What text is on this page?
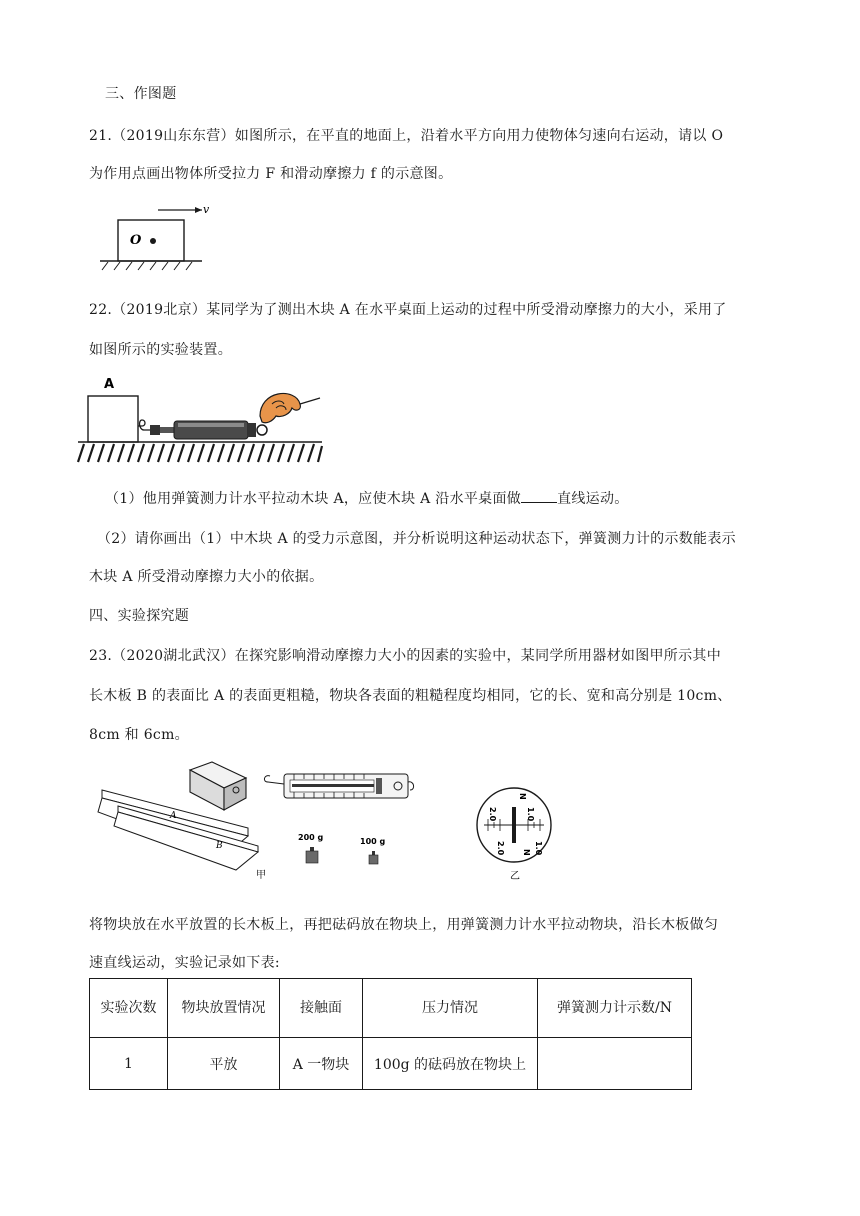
三、作图题
21.（2019山东东营）如图所示，在平直的地面上，沿着水平方向用力使物体匀速向右运动，请以 O
为作用点画出物体所受拉力 F 和滑动摩擦力 f 的示意图。
v
O
22.（2019北京）某同学为了测出木块 A 在水平桌面上运动的过程中所受滑动摩擦力的大小，采用了
如图所示的实验装置。
A
（1）他用弹簧测力计水平拉动木块 A，应使木块 A 沿水平桌面做	直线运动。
（2）请你画出（1）中木块 A 的受力示意图，并分析说明这种运动状态下，弹簧测力计的示数能表示
木块 A 所受滑动摩擦力大小的依据。
四、实验探究题
23.（2020湖北武汉）在探究影响滑动摩擦力大小的因素的实验中，某同学所用器材如图甲所示其中
长木板 B 的表面比 A 的表面更粗糙，物块各表面的粗糙程度均相同，它的长、宽和高分别是 10cm、
8cm 和 6cm。
A
B
200 g	100 g
甲
2.0	1.0
N
2.0	1.0
N
乙
将物块放在水平放置的长木板上，再把砝码放在物块上，用弹簧测力计水平拉动物块，沿长木板做匀
速直线运动，实验记录如下表:
实验次数	物块放置情况	接触面	压力情况	弹簧测力计示数/N
1	平放	A 一物块	100g 的砝码放在物块上	
